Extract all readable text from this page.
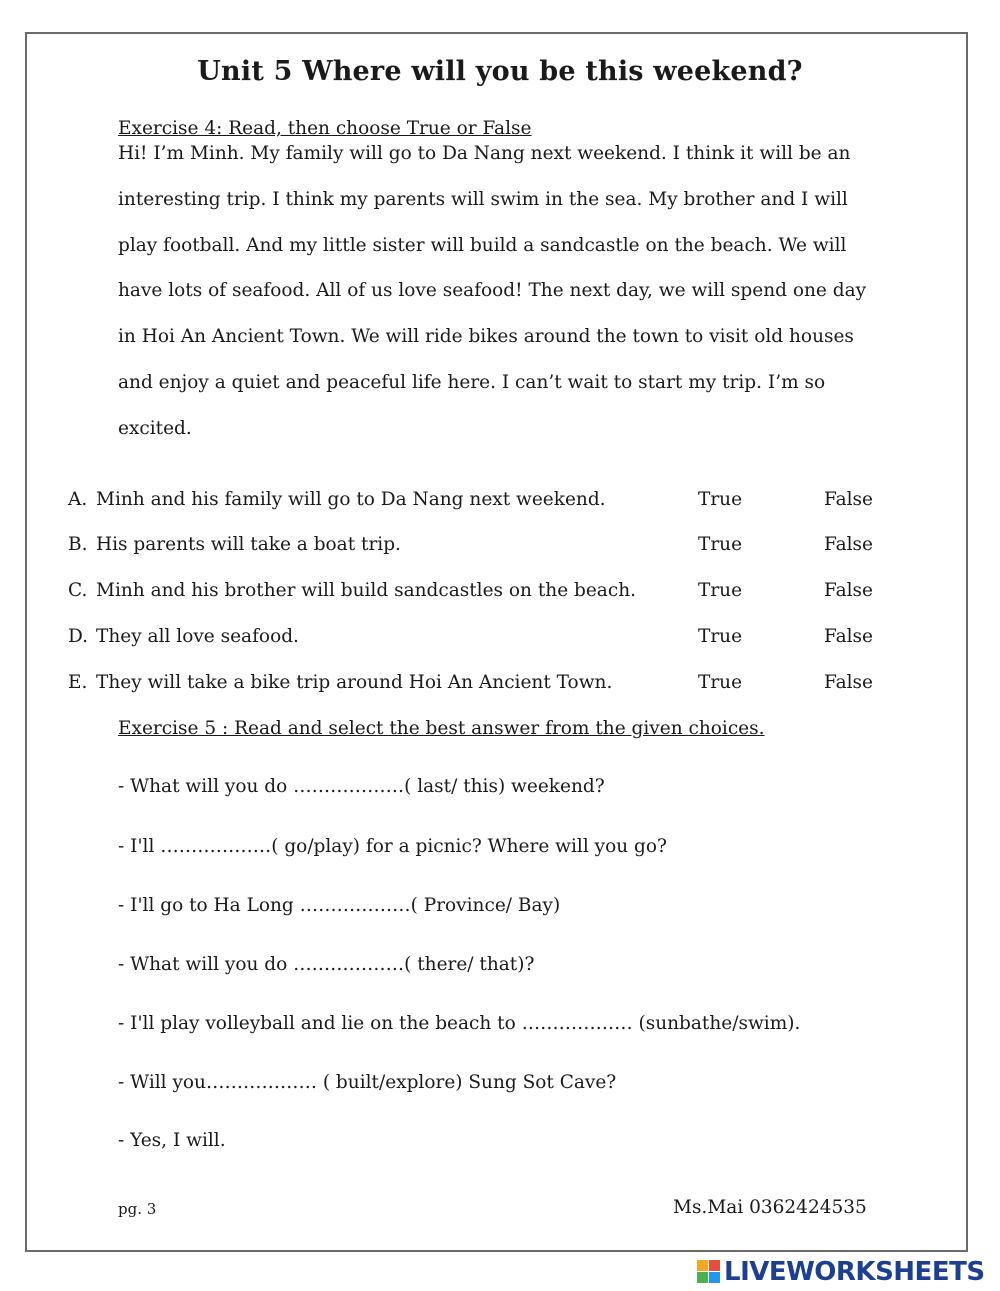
Unit 5 Where will you be this weekend?
Exercise 4: Read, then choose True or False
Hi! I’m Minh. My family will go to Da Nang next weekend. I think it will be an
interesting trip. I think my parents will swim in the sea. My brother and I will
play football. And my little sister will build a sandcastle on the beach. We will
have lots of seafood. All of us love seafood! The next day, we will spend one day
in Hoi An Ancient Town. We will ride bikes around the town to visit old houses
and enjoy a quiet and peaceful life here. I can’t wait to start my trip. I’m so
excited.
A. Minh and his family will go to Da Nang next weekend.	True	False
B. His parents will take a boat trip.	True	False
C. Minh and his brother will build sandcastles on the beach.	True	False
D. They all love seafood.	True	False
E. They will take a bike trip around Hoi An Ancient Town.	True	False
Exercise 5 : Read and select the best answer from the given choices.
- What will you do ………………( last/ this) weekend?
- I'll ………………( go/play) for a picnic? Where will you go?
- I'll go to Ha Long ………………( Province/ Bay)
- What will you do ………………( there/ that)?
- I'll play volleyball and lie on the beach to ……………… (sunbathe/swim).
- Will you……………… ( built/explore) Sung Sot Cave?
- Yes, I will.
pg. 3	Ms.Mai 0362424535
LIVEWORKSHEETS
